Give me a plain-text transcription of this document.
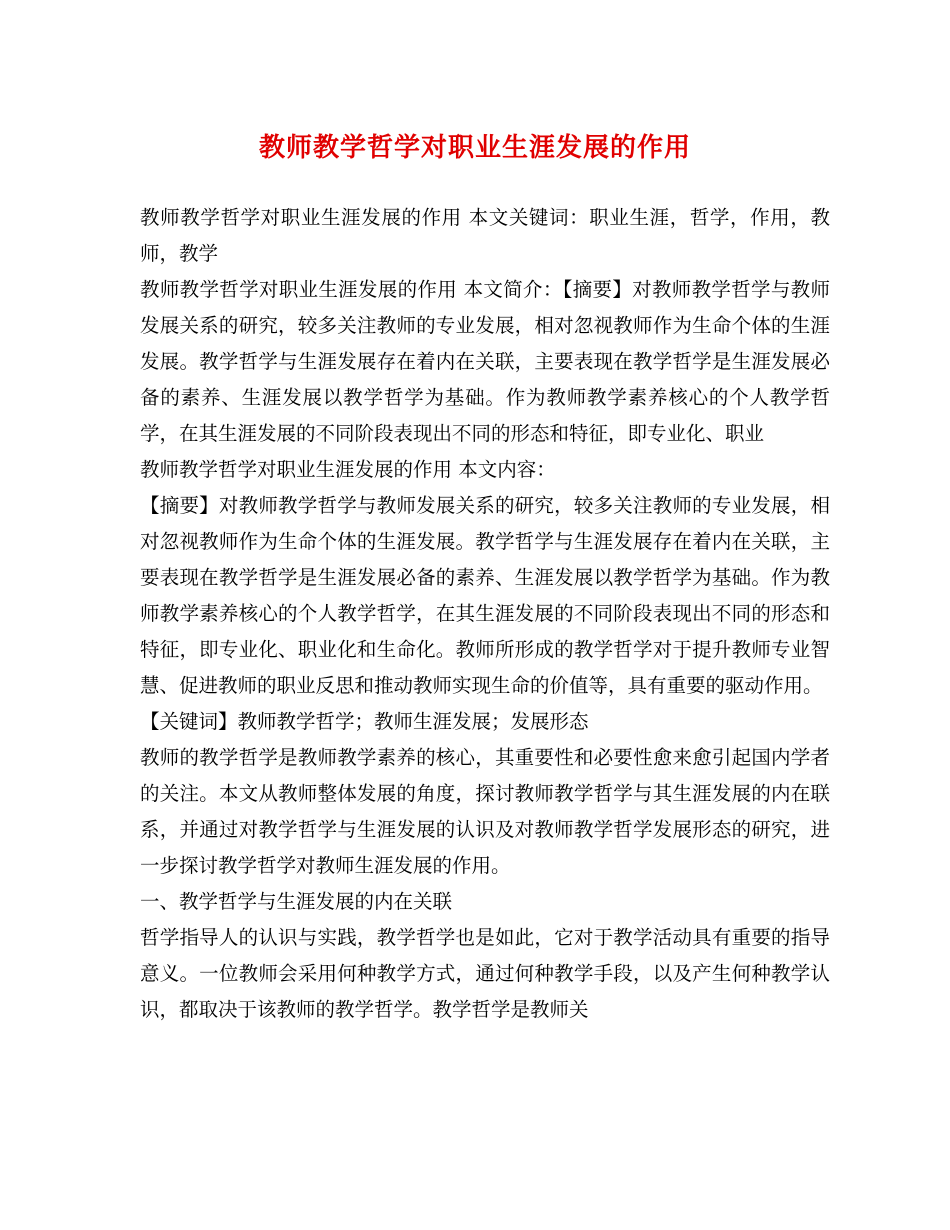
教师教学哲学对职业生涯发展的作用

教师教学哲学对职业生涯发展的作用 本文关键词：职业生涯，哲学，作用，教师，教学

教师教学哲学对职业生涯发展的作用 本文简介：【摘要】对教师教学哲学与教师发展关系的研究，较多关注教师的专业发展，相对忽视教师作为生命个体的生涯发展。教学哲学与生涯发展存在着内在关联，主要表现在教学哲学是生涯发展必备的素养、生涯发展以教学哲学为基础。作为教师教学素养核心的个人教学哲学，在其生涯发展的不同阶段表现出不同的形态和特征，即专业化、职业

教师教学哲学对职业生涯发展的作用 本文内容：

【摘要】对教师教学哲学与教师发展关系的研究，较多关注教师的专业发展，相对忽视教师作为生命个体的生涯发展。教学哲学与生涯发展存在着内在关联，主要表现在教学哲学是生涯发展必备的素养、生涯发展以教学哲学为基础。作为教师教学素养核心的个人教学哲学，在其生涯发展的不同阶段表现出不同的形态和特征，即专业化、职业化和生命化。教师所形成的教学哲学对于提升教师专业智慧、促进教师的职业反思和推动教师实现生命的价值等，具有重要的驱动作用。

【关键词】教师教学哲学；教师生涯发展；发展形态

教师的教学哲学是教师教学素养的核心，其重要性和必要性愈来愈引起国内学者的关注。本文从教师整体发展的角度，探讨教师教学哲学与其生涯发展的内在联系，并通过对教学哲学与生涯发展的认识及对教师教学哲学发展形态的研究，进一步探讨教学哲学对教师生涯发展的作用。

一、教学哲学与生涯发展的内在关联

哲学指导人的认识与实践，教学哲学也是如此，它对于教学活动具有重要的指导意义。一位教师会采用何种教学方式，通过何种教学手段，以及产生何种教学认识，都取决于该教师的教学哲学。教学哲学是教师关
